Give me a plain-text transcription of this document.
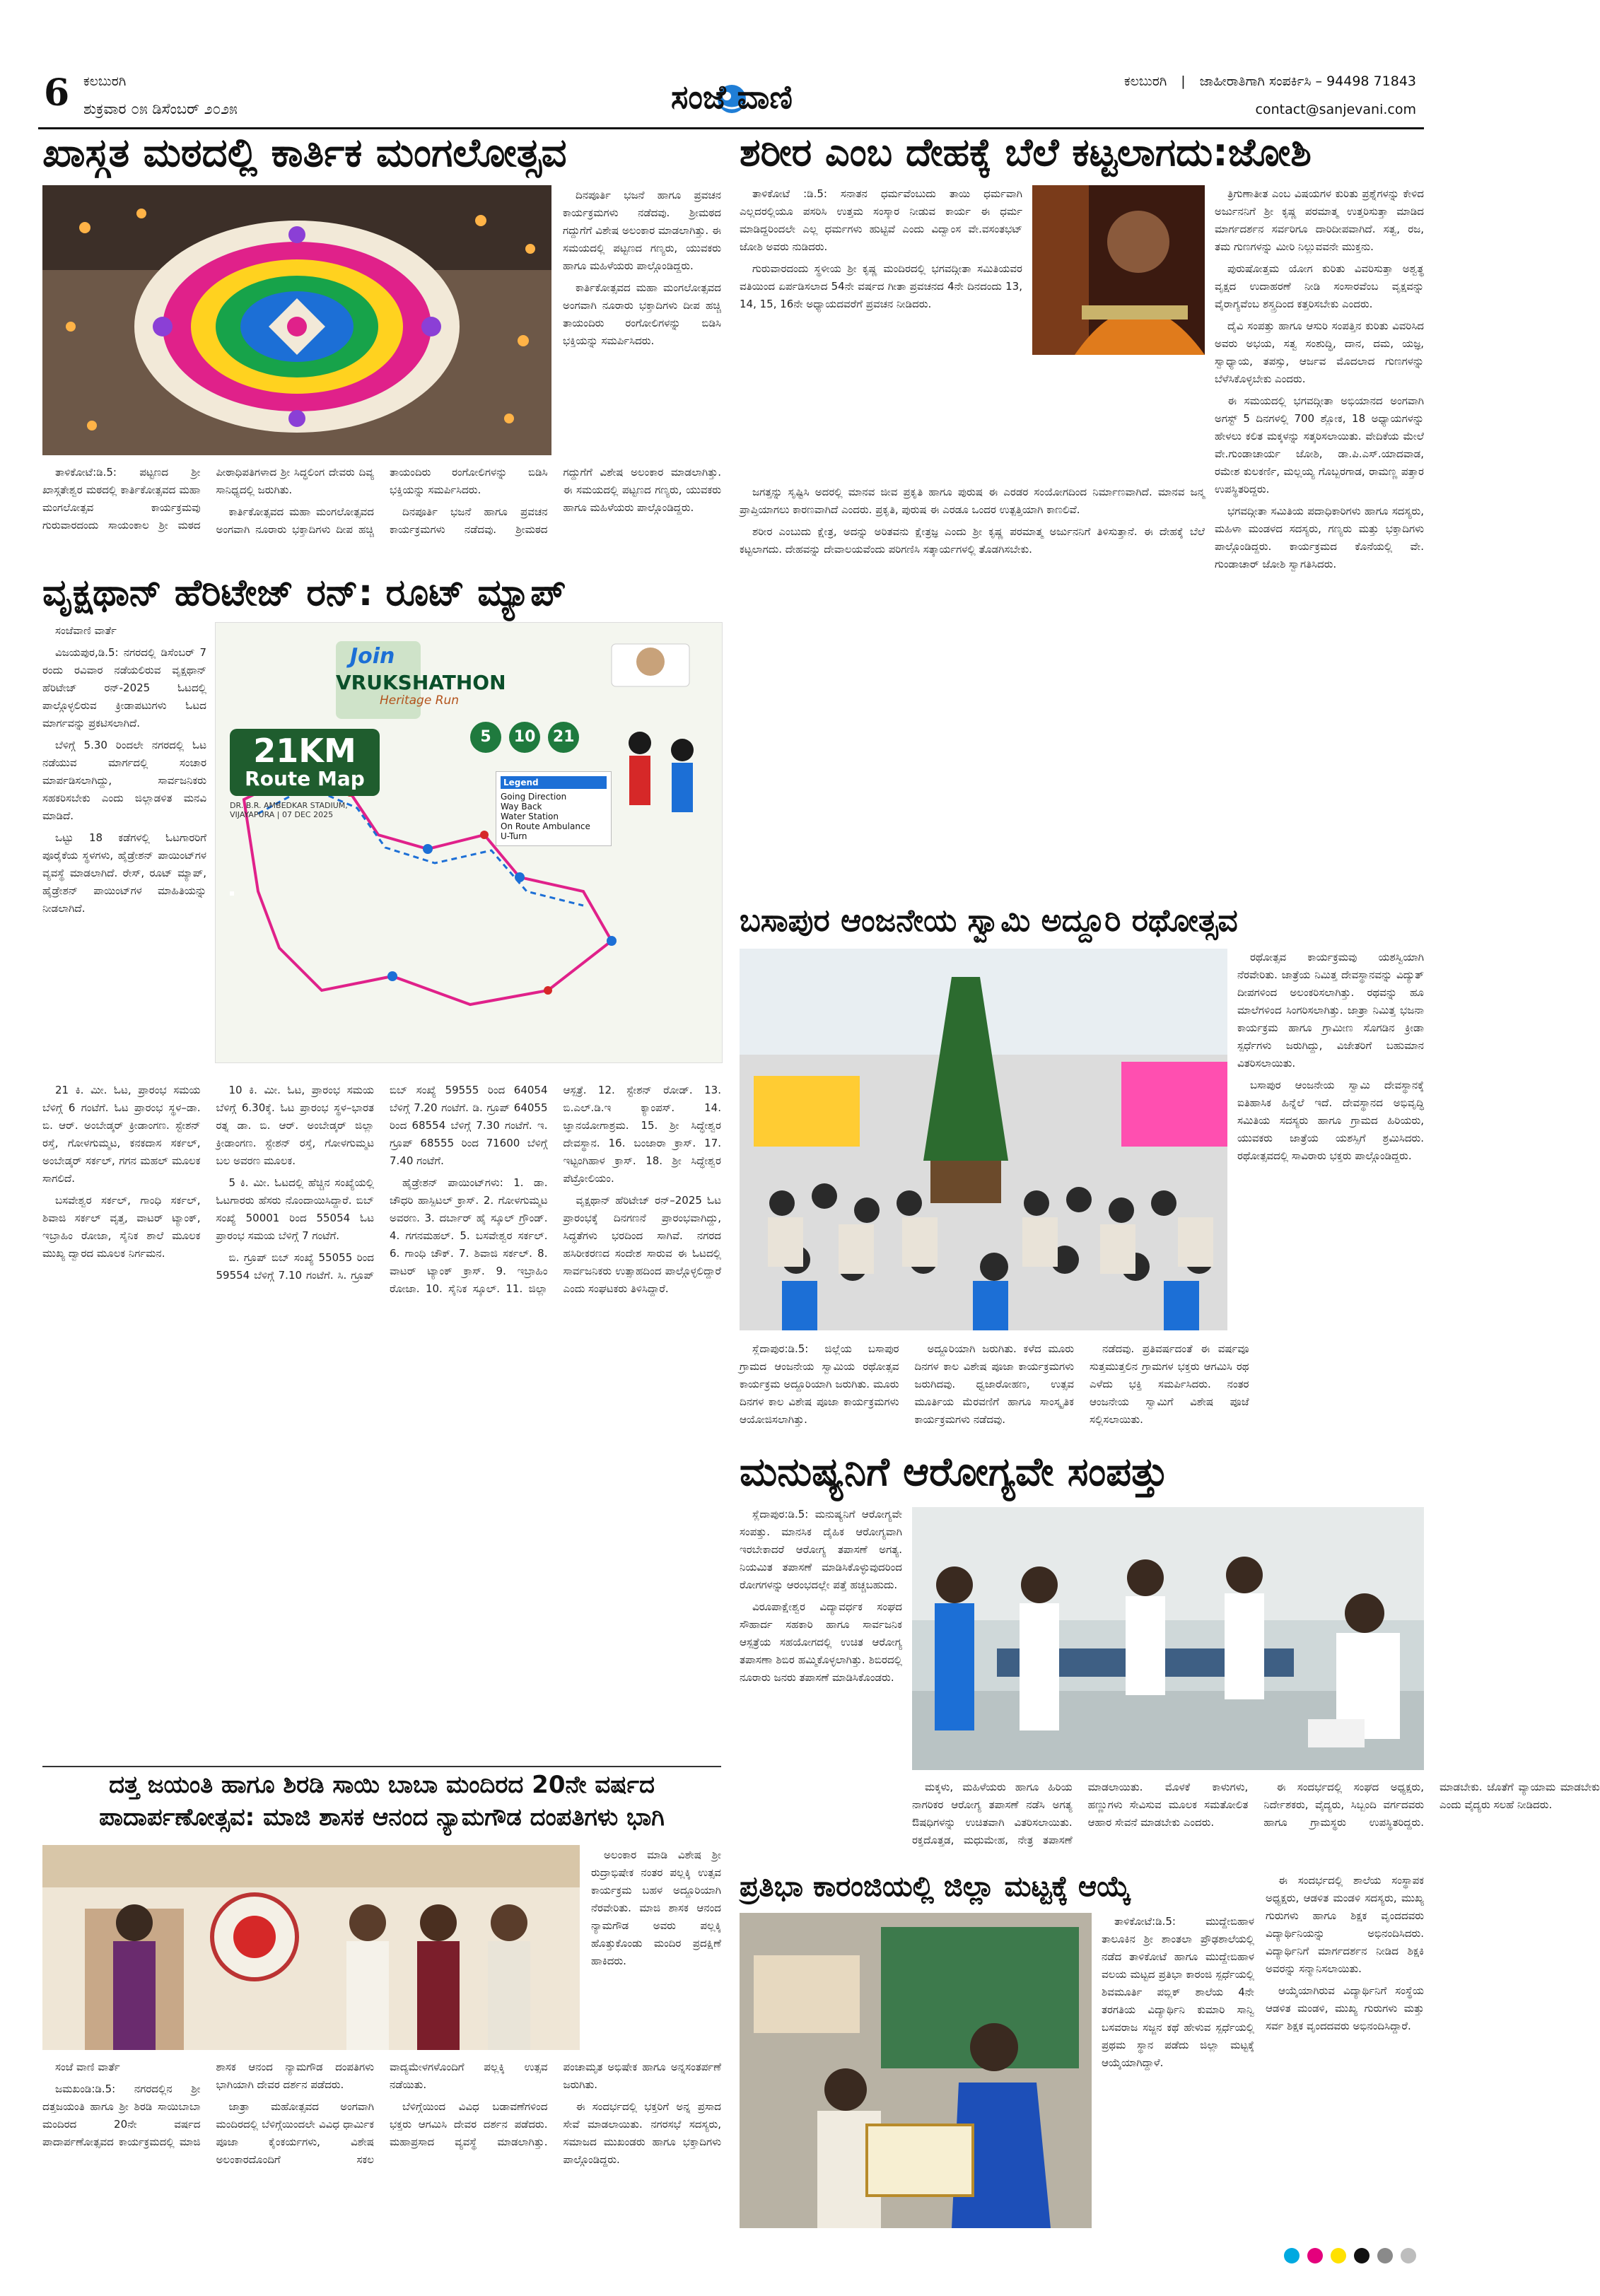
6 ಕಲಬುರಗಿ
ಶುಕ್ರವಾರ ೦೫ ಡಿಸೆಂಬರ್ ೨೦೨೫	ಸಂಜೆ ವಾಣಿ	ಕಲಬುರಗಿ | ಜಾಹೀರಾತಿಗಾಗಿ ಸಂಪರ್ಕಿಸಿ – 94498 71843
contact@sanjevani.com
ಖಾಸ್ಗತ ಮಠದಲ್ಲಿ ಕಾರ್ತಿಕ ಮಂಗಲೋತ್ಸವ

ದಿನಪೂರ್ತಿ ಭಜನೆ ಹಾಗೂ ಪ್ರವಚನ ಕಾರ್ಯಕ್ರಮಗಳು ನಡೆದವು. ಶ್ರೀಮಠದ ಗದ್ದುಗೆಗೆ ವಿಶೇಷ ಅಲಂಕಾರ ಮಾಡಲಾಗಿತ್ತು. ಈ ಸಮಯದಲ್ಲಿ ಪಟ್ಟಣದ ಗಣ್ಯರು, ಯುವಕರು ಹಾಗೂ ಮಹಿಳೆಯರು ಪಾಲ್ಗೊಂಡಿದ್ದರು.

ಕಾರ್ತಿಕೋತ್ಸವದ ಮಹಾ ಮಂಗಲೋತ್ಸವದ ಅಂಗವಾಗಿ ನೂರಾರು ಭಕ್ತಾದಿಗಳು ದೀಪ ಹಚ್ಚಿ ತಾಯಂದಿರು ರಂಗೋಲಿಗಳನ್ನು ಬಿಡಿಸಿ ಭಕ್ತಿಯನ್ನು ಸಮರ್ಪಿಸಿದರು.

ತಾಳಿಕೋಟೆ:ಡಿ.5: ಪಟ್ಟಣದ ಶ್ರೀ ಖಾಸ್ಗತೇಶ್ವರ ಮಠದಲ್ಲಿ ಕಾರ್ತಿಕೋತ್ಸವದ ಮಹಾ ಮಂಗಲೋತ್ಸವ ಕಾರ್ಯಕ್ರಮವು ಗುರುವಾರದಂದು ಸಾಯಂಕಾಲ ಶ್ರೀ ಮಠದ ಪೀಠಾಧಿಪತಿಗಳಾದ ಶ್ರೀ ಸಿದ್ಧಲಿಂಗ ದೇವರು ದಿವ್ಯ ಸಾನಿಧ್ಯದಲ್ಲಿ ಜರುಗಿತು.

ಕಾರ್ತಿಕೋತ್ಸವದ ಮಹಾ ಮಂಗಲೋತ್ಸವದ ಅಂಗವಾಗಿ ನೂರಾರು ಭಕ್ತಾದಿಗಳು ದೀಪ ಹಚ್ಚಿ ತಾಯಂದಿರು ರಂಗೋಲಿಗಳನ್ನು ಬಿಡಿಸಿ ಭಕ್ತಿಯನ್ನು ಸಮರ್ಪಿಸಿದರು.

ದಿನಪೂರ್ತಿ ಭಜನೆ ಹಾಗೂ ಪ್ರವಚನ ಕಾರ್ಯಕ್ರಮಗಳು ನಡೆದವು. ಶ್ರೀಮಠದ ಗದ್ದುಗೆಗೆ ವಿಶೇಷ ಅಲಂಕಾರ ಮಾಡಲಾಗಿತ್ತು. ಈ ಸಮಯದಲ್ಲಿ ಪಟ್ಟಣದ ಗಣ್ಯರು, ಯುವಕರು ಹಾಗೂ ಮಹಿಳೆಯರು ಪಾಲ್ಗೊಂಡಿದ್ದರು.

ವೃಕ್ಷಥಾನ್ ಹೆರಿಟೇಜ್ ರನ್: ರೂಟ್ ಮ್ಯಾಪ್

ಸಂಜೆವಾಣಿ ವಾರ್ತೆ

ವಿಜಯಪುರ,ಡಿ.5: ನಗರದಲ್ಲಿ ಡಿಸೆಂಬರ್ 7 ರಂದು ರವಿವಾರ ನಡೆಯಲಿರುವ ವೃಕ್ಷಥಾನ್ ಹೆರಿಟೇಜ್ ರನ್-2025 ಓಟದಲ್ಲಿ ಪಾಲ್ಗೊಳ್ಳಲಿರುವ ಕ್ರೀಡಾಪಟುಗಳು ಓಟದ ಮಾರ್ಗವನ್ನು ಪ್ರಕಟಿಸಲಾಗಿದೆ.

ಬೆಳಿಗ್ಗೆ 5.30 ರಿಂದಲೇ ನಗರದಲ್ಲಿ ಓಟ ನಡೆಯುವ ಮಾರ್ಗದಲ್ಲಿ ಸಂಚಾರ ಮಾರ್ಪಡಿಸಲಾಗಿದ್ದು, ಸಾರ್ವಜನಿಕರು ಸಹಕರಿಸಬೇಕು ಎಂದು ಜಿಲ್ಲಾಡಳಿತ ಮನವಿ ಮಾಡಿದೆ.

ಒಟ್ಟು 18 ಕಡೆಗಳಲ್ಲಿ ಓಟಗಾರರಿಗೆ ಪೂರೈಕೆಯ ಸ್ಥಳಗಳು, ಹೈಡ್ರೇಶನ್ ಪಾಯಿಂಟ್‌ಗಳ ವ್ಯವಸ್ಥೆ ಮಾಡಲಾಗಿದೆ. ರೇಸ್, ರೂಟ್ ಮ್ಯಾಪ್, ಹೈಡ್ರೇಶನ್ ಪಾಯಿಂಟ್‌ಗಳ ಮಾಹಿತಿಯನ್ನು ನೀಡಲಾಗಿದೆ.

Join
VRUKSHATHON
Heritage Run
5 10 21
21KM
Route Map
DR. B.R. AMBEDKAR STADIUM, VIJAYAPURA | 07 DEC 2025
Legend
Going Direction
Way Back
Water Station
On Route Ambulance
U-Turn

21 ಕಿ. ಮೀ. ಓಟ, ಪ್ರಾರಂಭ ಸಮಯ ಬೆಳಿಗ್ಗೆ 6 ಗಂಟೆಗೆ. ಓಟ ಪ್ರಾರಂಭ ಸ್ಥಳ–ಡಾ. ಬಿ. ಆರ್. ಅಂಬೇಡ್ಕರ್ ಕ್ರೀಡಾಂಗಣ. ಸ್ಟೇಶನ್ ರಸ್ತೆ, ಗೋಳಗುಮ್ಮಟ, ಕನಕದಾಸ ಸರ್ಕಲ್, ಅಂಬೇಡ್ಕರ್ ಸರ್ಕಲ್, ಗಗನ ಮಹಲ್ ಮೂಲಕ ಸಾಗಲಿದೆ.

ಬಸವೇಶ್ವರ ಸರ್ಕಲ್, ಗಾಂಧಿ ಸರ್ಕಲ್, ಶಿವಾಜಿ ಸರ್ಕಲ್ ವೃತ್ತ, ವಾಟರ್ ಟ್ಯಾಂಕ್, ಇಬ್ರಾಹಿಂ ರೋಜಾ, ಸೈನಿಕ ಶಾಲೆ ಮೂಲಕ ಮುಖ್ಯ ದ್ವಾರದ ಮೂಲಕ ನಿರ್ಗಮನ.

10 ಕಿ. ಮೀ. ಓಟ, ಪ್ರಾರಂಭ ಸಮಯ ಬೆಳಿಗ್ಗೆ 6.30ಕ್ಕೆ. ಓಟ ಪ್ರಾರಂಭ ಸ್ಥಳ–ಭಾರತ ರತ್ನ ಡಾ. ಬಿ. ಆರ್. ಅಂಬೇಡ್ಕರ್ ಜಿಲ್ಲಾ ಕ್ರೀಡಾಂಗಣ. ಸ್ಟೇಶನ್ ರಸ್ತೆ, ಗೋಳಗುಮ್ಮಟ ಬಲ ಅವರಣ ಮೂಲಕ.

5 ಕಿ. ಮೀ. ಓಟದಲ್ಲಿ ಹೆಚ್ಚಿನ ಸಂಖ್ಯೆಯಲ್ಲಿ ಓಟಗಾರರು ಹೆಸರು ನೊಂದಾಯಿಸಿದ್ದಾರೆ. ಬಿಬ್ ಸಂಖ್ಯೆ 50001 ರಿಂದ 55054 ಓಟ ಪ್ರಾರಂಭ ಸಮಯ ಬೆಳಿಗ್ಗೆ 7 ಗಂಟೆಗೆ.

ಬಿ. ಗ್ರೂಪ್ ಬಿಬ್ ಸಂಖ್ಯೆ 55055 ರಿಂದ 59554 ಬೆಳಿಗ್ಗೆ 7.10 ಗಂಟೆಗೆ. ಸಿ. ಗ್ರೂಪ್ ಬಿಬ್ ಸಂಖ್ಯೆ 59555 ರಿಂದ 64054 ಬೆಳಿಗ್ಗೆ 7.20 ಗಂಟೆಗೆ. ಡಿ. ಗ್ರೂಪ್ 64055 ರಿಂದ 68554 ಬೆಳಿಗ್ಗೆ 7.30 ಗಂಟೆಗೆ. ಇ. ಗ್ರೂಪ್ 68555 ರಿಂದ 71600 ಬೆಳಿಗ್ಗೆ 7.40 ಗಂಟೆಗೆ.

ಹೈಡ್ರೇಶನ್ ಪಾಯಿಂಟ್‌ಗಳು: 1. ಡಾ. ಚೌಧರಿ ಹಾಸ್ಪಿಟಲ್ ಕ್ರಾಸ್. 2. ಗೋಳಗುಮ್ಮಟ ಅವರಣ. 3. ದರ್ಬಾರ್ ಹೈ ಸ್ಕೂಲ್ ಗ್ರೌಂಡ್. 4. ಗಗನಮಹಲ್. 5. ಬಸವೇಶ್ವರ ಸರ್ಕಲ್. 6. ಗಾಂಧಿ ಚೌಕ್. 7. ಶಿವಾಜಿ ಸರ್ಕಲ್. 8. ವಾಟರ್ ಟ್ಯಾಂಕ್ ಕ್ರಾಸ್. 9. ಇಬ್ರಾಹಿಂ ರೋಜಾ. 10. ಸೈನಿಕ ಸ್ಕೂಲ್. 11. ಜಿಲ್ಲಾ ಆಸ್ಪತ್ರೆ. 12. ಸ್ಟೇಶನ್ ರೋಡ್. 13. ಬಿ.ಎಲ್.ಡಿ.ಇ ಕ್ಯಾಂಪಸ್. 14. ಜ್ಞಾನಯೋಗಾಶ್ರಮ. 15. ಶ್ರೀ ಸಿದ್ಧೇಶ್ವರ ದೇವಸ್ಥಾನ. 16. ಬಂಜಾರಾ ಕ್ರಾಸ್. 17. ಇಟ್ಟಂಗಿಹಾಳ ಕ್ರಾಸ್. 18. ಶ್ರೀ ಸಿದ್ಧೇಶ್ವರ ಪೆಟ್ರೋಲಿಯಂ.

ವೃಕ್ಷಥಾನ್ ಹೆರಿಟೇಜ್ ರನ್–2025 ಓಟ ಪ್ರಾರಂಭಕ್ಕೆ ದಿನಗಣನೆ ಪ್ರಾರಂಭವಾಗಿದ್ದು, ಸಿದ್ಧತೆಗಳು ಭರದಿಂದ ಸಾಗಿವೆ. ನಗರದ ಹಸಿರೀಕರಣದ ಸಂದೇಶ ಸಾರುವ ಈ ಓಟದಲ್ಲಿ ಸಾರ್ವಜನಿಕರು ಉತ್ಸಾಹದಿಂದ ಪಾಲ್ಗೊಳ್ಳಲಿದ್ದಾರೆ ಎಂದು ಸಂಘಟಕರು ತಿಳಿಸಿದ್ದಾರೆ.

ದತ್ತ ಜಯಂತಿ ಹಾಗೂ ಶಿರಡಿ ಸಾಯಿ ಬಾಬಾ ಮಂದಿರದ 20ನೇ ವರ್ಷದ
ಪಾದಾರ್ಪಣೋತ್ಸವ: ಮಾಜಿ ಶಾಸಕ ಆನಂದ ನ್ಯಾಮಗೌಡ ದಂಪತಿಗಳು ಭಾಗಿ

ಅಲಂಕಾರ ಮಾಡಿ ವಿಶೇಷ ಶ್ರೀ ರುದ್ರಾಭಿಷೇಕ ನಂತರ ಪಲ್ಲಕ್ಕಿ ಉತ್ಸವ ಕಾರ್ಯಕ್ರಮ ಬಹಳ ಅದ್ದೂರಿಯಾಗಿ ನೆರವೇರಿತು. ಮಾಜಿ ಶಾಸಕ ಆನಂದ ನ್ಯಾಮಗೌಡ ಅವರು ಪಲ್ಲಕ್ಕಿ ಹೊತ್ತುಕೊಂಡು ಮಂದಿರ ಪ್ರದಕ್ಷಿಣೆ ಹಾಕಿದರು.

ಸಂಜೆ ವಾಣಿ ವಾರ್ತೆ

ಜಮಖಂಡಿ:ಡಿ.5: ನಗರದಲ್ಲಿನ ಶ್ರೀ ದತ್ತಜಯಂತಿ ಹಾಗೂ ಶ್ರೀ ಶಿರಡಿ ಸಾಯಿಬಾಬಾ ಮಂದಿರದ 20ನೇ ವರ್ಷದ ಪಾದಾರ್ಪಣೋತ್ಸವದ ಕಾರ್ಯಕ್ರಮದಲ್ಲಿ ಮಾಜಿ ಶಾಸಕ ಆನಂದ ನ್ಯಾಮಗೌಡ ದಂಪತಿಗಳು ಭಾಗಿಯಾಗಿ ದೇವರ ದರ್ಶನ ಪಡೆದರು.

ಜಾತ್ರಾ ಮಹೋತ್ಸವದ ಅಂಗವಾಗಿ ಮಂದಿರದಲ್ಲಿ ಬೆಳಿಗ್ಗೆಯಿಂದಲೇ ವಿವಿಧ ಧಾರ್ಮಿಕ ಪೂಜಾ ಕೈಂಕರ್ಯಗಳು, ವಿಶೇಷ ಅಲಂಕಾರದೊಂದಿಗೆ ಸಕಲ ವಾದ್ಯಮೇಳಗಳೊಂದಿಗೆ ಪಲ್ಲಕ್ಕಿ ಉತ್ಸವ ನಡೆಯಿತು.

ಬೆಳಿಗ್ಗೆಯಿಂದ ವಿವಿಧ ಬಡಾವಣೆಗಳಿಂದ ಭಕ್ತರು ಆಗಮಿಸಿ ದೇವರ ದರ್ಶನ ಪಡೆದರು. ಮಹಾಪ್ರಸಾದ ವ್ಯವಸ್ಥೆ ಮಾಡಲಾಗಿತ್ತು. ಪಂಚಾಮೃತ ಅಭಿಷೇಕ ಹಾಗೂ ಅನ್ನಸಂತರ್ಪಣೆ ಜರುಗಿತು.

ಈ ಸಂದರ್ಭದಲ್ಲಿ ಭಕ್ತರಿಗೆ ಅನ್ನ ಪ್ರಸಾದ ಸೇವೆ ಮಾಡಲಾಯಿತು. ನಗರಸಭೆ ಸದಸ್ಯರು, ಸಮಾಜದ ಮುಖಂಡರು ಹಾಗೂ ಭಕ್ತಾದಿಗಳು ಪಾಲ್ಗೊಂಡಿದ್ದರು.

ಶರೀರ ಎಂಬ ದೇಹಕ್ಕೆ ಬೆಲೆ ಕಟ್ಟಲಾಗದು:ಜೋಶಿ

ತಾಳಿಕೋಟೆ :ಡಿ.5: ಸನಾತನ ಧರ್ಮವೆಂಬುದು ತಾಯಿ ಧರ್ಮವಾಗಿ ಎಲ್ಲದರಲ್ಲಿಯೂ ಪಸರಿಸಿ ಉತ್ತಮ ಸಂಸ್ಕಾರ ನೀಡುವ ಕಾರ್ಯ ಈ ಧರ್ಮ ಮಾಡಿದ್ದರಿಂದಲೇ ಎಲ್ಲ ಧರ್ಮಗಳು ಹುಟ್ಟಿವೆ ಎಂದು ವಿದ್ವಾಂಸ ವೇ.ವಸಂತಭಟ್ ಜೋಶಿ ಅವರು ನುಡಿದರು.

ಗುರುವಾರದಂದು ಸ್ಥಳೀಯ ಶ್ರೀ ಕೃಷ್ಣ ಮಂದಿರದಲ್ಲಿ ಭಗವದ್ಗೀತಾ ಸಮಿತಿಯವರ ವತಿಯಿಂದ ಏರ್ಪಡಿಸಲಾದ 54ನೇ ವರ್ಷದ ಗೀತಾ ಪ್ರವಚನದ 4ನೇ ದಿನದಂದು 13, 14, 15, 16ನೇ ಅಧ್ಯಾಯದವರೆಗೆ ಪ್ರವಚನ ನೀಡಿದರು.

ತ್ರಿಗುಣಾತೀತ ಎಂಬ ವಿಷಯಗಳ ಕುರಿತು ಪ್ರಶ್ನೆಗಳನ್ನು ಕೇಳಿದ ಅರ್ಜುನನಿಗೆ ಶ್ರೀ ಕೃಷ್ಣ ಪರಮಾತ್ಮ ಉತ್ತರಿಸುತ್ತಾ ಮಾಡಿದ ಮಾರ್ಗದರ್ಶನ ಸರ್ವರಿಗೂ ದಾರಿದೀಪವಾಗಿದೆ. ಸತ್ವ, ರಜ, ತಮ ಗುಣಗಳನ್ನು ಮೀರಿ ನಿಲ್ಲುವವನೇ ಮುಕ್ತನು.

ಪುರುಷೋತ್ತಮ ಯೋಗ ಕುರಿತು ವಿವರಿಸುತ್ತಾ ಅಶ್ವತ್ಥ ವೃಕ್ಷದ ಉದಾಹರಣೆ ನೀಡಿ ಸಂಸಾರವೆಂಬ ವೃಕ್ಷವನ್ನು ವೈರಾಗ್ಯವೆಂಬ ಶಸ್ತ್ರದಿಂದ ಕತ್ತರಿಸಬೇಕು ಎಂದರು.

ದೈವಿ ಸಂಪತ್ತು ಹಾಗೂ ಆಸುರಿ ಸಂಪತ್ತಿನ ಕುರಿತು ವಿವರಿಸಿದ ಅವರು ಅಭಯ, ಸತ್ವ ಸಂಶುದ್ಧಿ, ದಾನ, ದಮ, ಯಜ್ಞ, ಸ್ವಾಧ್ಯಾಯ, ತಪಸ್ಸು, ಆರ್ಜವ ಮೊದಲಾದ ಗುಣಗಳನ್ನು ಬೆಳೆಸಿಕೊಳ್ಳಬೇಕು ಎಂದರು.

ಈ ಸಮಯದಲ್ಲಿ ಭಗವದ್ಗೀತಾ ಅಭಿಯಾನದ ಅಂಗವಾಗಿ ಅಗಸ್ಟ್ 5 ದಿನಗಳಲ್ಲಿ 700 ಶ್ಲೋಕ, 18 ಅಧ್ಯಾಯಗಳನ್ನು ಹೇಳಲು ಕಲಿತ ಮಕ್ಕಳನ್ನು ಸತ್ಕರಿಸಲಾಯಿತು. ವೇದಿಕೆಯ ಮೇಲೆ ವೇ.ಗುಂಡಾಚಾರ್ಯ ಜೋಶಿ, ಡಾ.ಪಿ.ಎಸ್.ಯಾದವಾಡ, ರಮೇಶ ಕುಲಕರ್ಣಿ, ಮಲ್ಲಯ್ಯ ಗೊಬ್ಬರಗಾಡ, ರಾಮಣ್ಣ ಪತ್ತಾರ ಉಪಸ್ಥಿತರಿದ್ದರು.

ಭಗವದ್ಗೀತಾ ಸಮಿತಿಯ ಪದಾಧಿಕಾರಿಗಳು ಹಾಗೂ ಸದಸ್ಯರು, ಮಹಿಳಾ ಮಂಡಳದ ಸದಸ್ಯರು, ಗಣ್ಯರು ಮತ್ತು ಭಕ್ತಾದಿಗಳು ಪಾಲ್ಗೊಂಡಿದ್ದರು. ಕಾರ್ಯಕ್ರಮದ ಕೊನೆಯಲ್ಲಿ ವೇ. ಗುಂಡಾಚಾರ್ ಜೋಶಿ ಸ್ವಾಗತಿಸಿದರು.

ಜಗತ್ತನ್ನು ಸೃಷ್ಟಿಸಿ ಅದರಲ್ಲಿ ಮಾನವ ಜೀವ ಪ್ರಕೃತಿ ಹಾಗೂ ಪುರುಷ ಈ ಎರಡರ ಸಂಯೋಗದಿಂದ ನಿರ್ಮಾಣವಾಗಿದೆ. ಮಾನವ ಜನ್ಮ ಪ್ರಾಪ್ತಿಯಾಗಲು ಕಾರಣವಾಗಿದೆ ಎಂದರು. ಪ್ರಕೃತಿ, ಪುರುಷ ಈ ಎರಡೂ ಒಂದರ ಉತ್ಪತ್ತಿಯಾಗಿ ಕಾಣಲಿವೆ.

ಶರೀರ ಎಂಬುದು ಕ್ಷೇತ್ರ, ಅದನ್ನು ಅರಿತವನು ಕ್ಷೇತ್ರಜ್ಞ ಎಂದು ಶ್ರೀ ಕೃಷ್ಣ ಪರಮಾತ್ಮ ಅರ್ಜುನನಿಗೆ ತಿಳಿಸುತ್ತಾನೆ. ಈ ದೇಹಕ್ಕೆ ಬೆಲೆ ಕಟ್ಟಲಾಗದು. ದೇಹವನ್ನು ದೇವಾಲಯವೆಂದು ಪರಿಗಣಿಸಿ ಸತ್ಕಾರ್ಯಗಳಲ್ಲಿ ತೊಡಗಿಸಬೇಕು.

ಬಸಾಪುರ ಆಂಜನೇಯ ಸ್ವಾಮಿ ಅದ್ದೂರಿ ರಥೋತ್ಸವ

ರಥೋತ್ಸವ ಕಾರ್ಯಕ್ರಮವು ಯಶಸ್ವಿಯಾಗಿ ನೆರವೇರಿತು. ಜಾತ್ರೆಯ ನಿಮಿತ್ತ ದೇವಸ್ಥಾನವನ್ನು ವಿದ್ಯುತ್ ದೀಪಗಳಿಂದ ಅಲಂಕರಿಸಲಾಗಿತ್ತು. ರಥವನ್ನು ಹೂ ಮಾಲೆಗಳಿಂದ ಸಿಂಗರಿಸಲಾಗಿತ್ತು. ಜಾತ್ರಾ ನಿಮಿತ್ತ ಭಜನಾ ಕಾರ್ಯಕ್ರಮ ಹಾಗೂ ಗ್ರಾಮೀಣ ಸೊಗಡಿನ ಕ್ರೀಡಾ ಸ್ಪರ್ಧೆಗಳು ಜರುಗಿದ್ದು, ವಿಜೇತರಿಗೆ ಬಹುಮಾನ ವಿತರಿಸಲಾಯಿತು.

ಬಸಾಪುರ ಆಂಜನೇಯ ಸ್ವಾಮಿ ದೇವಸ್ಥಾನಕ್ಕೆ ಐತಿಹಾಸಿಕ ಹಿನ್ನೆಲೆ ಇದೆ. ದೇವಸ್ಥಾನದ ಅಭಿವೃದ್ಧಿ ಸಮಿತಿಯ ಸದಸ್ಯರು ಹಾಗೂ ಗ್ರಾಮದ ಹಿರಿಯರು, ಯುವಕರು ಜಾತ್ರೆಯ ಯಶಸ್ಸಿಗೆ ಶ್ರಮಿಸಿದರು. ರಥೋತ್ಸವದಲ್ಲಿ ಸಾವಿರಾರು ಭಕ್ತರು ಪಾಲ್ಗೊಂಡಿದ್ದರು.

ಸ್ಲೆದಾಪುರ:ಡಿ.5: ಜಿಲ್ಲೆಯ ಬಸಾಪುರ ಗ್ರಾಮದ ಆಂಜನೇಯ ಸ್ವಾಮಿಯ ರಥೋತ್ಸವ ಕಾರ್ಯಕ್ರಮ ಅದ್ದೂರಿಯಾಗಿ ಜರುಗಿತು. ಮೂರು ದಿನಗಳ ಕಾಲ ವಿಶೇಷ ಪೂಜಾ ಕಾರ್ಯಕ್ರಮಗಳು ಆಯೋಜಿಸಲಾಗಿತ್ತು.

ಅದ್ದೂರಿಯಾಗಿ ಜರುಗಿತು. ಕಳೆದ ಮೂರು ದಿನಗಳ ಕಾಲ ವಿಶೇಷ ಪೂಜಾ ಕಾರ್ಯಕ್ರಮಗಳು ಜರುಗಿದವು. ಧ್ವಜಾರೋಹಣ, ಉತ್ಸವ ಮೂರ್ತಿಯ ಮೆರವಣಿಗೆ ಹಾಗೂ ಸಾಂಸ್ಕೃತಿಕ ಕಾರ್ಯಕ್ರಮಗಳು ನಡೆದವು.

ನಡೆದವು. ಪ್ರತಿವರ್ಷದಂತೆ ಈ ವರ್ಷವೂ ಸುತ್ತಮುತ್ತಲಿನ ಗ್ರಾಮಗಳ ಭಕ್ತರು ಆಗಮಿಸಿ ರಥ ಎಳೆದು ಭಕ್ತಿ ಸಮರ್ಪಿಸಿದರು. ನಂತರ ಆಂಜನೇಯ ಸ್ವಾಮಿಗೆ ವಿಶೇಷ ಪೂಜೆ ಸಲ್ಲಿಸಲಾಯಿತು.

ಮನುಷ್ಯನಿಗೆ ಆರೋಗ್ಯವೇ ಸಂಪತ್ತು

ಸ್ಲೆದಾಪುರ:ಡಿ.5: ಮನುಷ್ಯನಿಗೆ ಆರೋಗ್ಯವೇ ಸಂಪತ್ತು. ಮಾನಸಿಕ ದೈಹಿಕ ಆರೋಗ್ಯವಾಗಿ ಇರಬೇಕಾದರೆ ಆರೋಗ್ಯ ತಪಾಸಣೆ ಅಗತ್ಯ. ನಿಯಮಿತ ತಪಾಸಣೆ ಮಾಡಿಸಿಕೊಳ್ಳುವುದರಿಂದ ರೋಗಗಳನ್ನು ಆರಂಭದಲ್ಲೇ ಪತ್ತೆ ಹಚ್ಚಬಹುದು.

ವಿರೂಪಾಕ್ಷೇಶ್ವರ ವಿದ್ಯಾವರ್ಧಕ ಸಂಘದ ಸೌಹಾರ್ದ ಸಹಕಾರಿ ಹಾಗೂ ಸಾರ್ವಜನಿಕ ಆಸ್ಪತ್ರೆಯ ಸಹಯೋಗದಲ್ಲಿ ಉಚಿತ ಆರೋಗ್ಯ ತಪಾಸಣಾ ಶಿಬಿರ ಹಮ್ಮಿಕೊಳ್ಳಲಾಗಿತ್ತು. ಶಿಬಿರದಲ್ಲಿ ನೂರಾರು ಜನರು ತಪಾಸಣೆ ಮಾಡಿಸಿಕೊಂಡರು.

ಮಕ್ಕಳು, ಮಹಿಳೆಯರು ಹಾಗೂ ಹಿರಿಯ ನಾಗರಿಕರ ಆರೋಗ್ಯ ತಪಾಸಣೆ ನಡೆಸಿ ಅಗತ್ಯ ಔಷಧಿಗಳನ್ನು ಉಚಿತವಾಗಿ ವಿತರಿಸಲಾಯಿತು. ರಕ್ತದೊತ್ತಡ, ಮಧುಮೇಹ, ನೇತ್ರ ತಪಾಸಣೆ ಮಾಡಲಾಯಿತು. ಮೊಳಕೆ ಕಾಳುಗಳು, ಹಣ್ಣುಗಳು ಸೇವಿಸುವ ಮೂಲಕ ಸಮತೋಲಿತ ಆಹಾರ ಸೇವನೆ ಮಾಡಬೇಕು ಎಂದರು.

ಈ ಸಂದರ್ಭದಲ್ಲಿ ಸಂಘದ ಅಧ್ಯಕ್ಷರು, ನಿರ್ದೇಶಕರು, ವೈದ್ಯರು, ಸಿಬ್ಬಂದಿ ವರ್ಗದವರು ಹಾಗೂ ಗ್ರಾಮಸ್ಥರು ಉಪಸ್ಥಿತರಿದ್ದರು. ಮಾಡಬೇಕು. ಜೊತೆಗೆ ವ್ಯಾಯಾಮ ಮಾಡಬೇಕು ಎಂದು ವೈದ್ಯರು ಸಲಹೆ ನೀಡಿದರು.

ಪ್ರತಿಭಾ ಕಾರಂಜಿಯಲ್ಲಿ ಜಿಲ್ಲಾ ಮಟ್ಟಕ್ಕೆ ಆಯ್ಕೆ

ತಾಳಿಕೋಟೆ:ಡಿ.5: ಮುದ್ದೇಬಿಹಾಳ ತಾಲೂಕಿನ ಶ್ರೀ ಶಾಂತಲಾ ಪ್ರೌಢಶಾಲೆಯಲ್ಲಿ ನಡೆದ ತಾಳಿಕೋಟೆ ಹಾಗೂ ಮುದ್ದೇಬಿಹಾಳ ವಲಯ ಮಟ್ಟದ ಪ್ರತಿಭಾ ಕಾರಂಜಿ ಸ್ಪರ್ಧೆಯಲ್ಲಿ ಶಿವಮೂರ್ತಿ ಪಬ್ಲಿಕ್ ಶಾಲೆಯ 4ನೇ ತರಗತಿಯ ವಿದ್ಯಾರ್ಥಿನಿ ಕುಮಾರಿ ಸಾನ್ವಿ ಬಸವರಾಜ ಸಜ್ಜನ ಕಥೆ ಹೇಳುವ ಸ್ಪರ್ಧೆಯಲ್ಲಿ ಪ್ರಥಮ ಸ್ಥಾನ ಪಡೆದು ಜಿಲ್ಲಾ ಮಟ್ಟಕ್ಕೆ ಆಯ್ಕೆಯಾಗಿದ್ದಾಳೆ.

ಈ ಸಂದರ್ಭದಲ್ಲಿ ಶಾಲೆಯ ಸಂಸ್ಥಾಪಕ ಅಧ್ಯಕ್ಷರು, ಆಡಳಿತ ಮಂಡಳಿ ಸದಸ್ಯರು, ಮುಖ್ಯ ಗುರುಗಳು ಹಾಗೂ ಶಿಕ್ಷಕ ವೃಂದದವರು ವಿದ್ಯಾರ್ಥಿನಿಯನ್ನು ಅಭಿನಂದಿಸಿದರು. ವಿದ್ಯಾರ್ಥಿನಿಗೆ ಮಾರ್ಗದರ್ಶನ ನೀಡಿದ ಶಿಕ್ಷಕಿ ಅವರನ್ನು ಸನ್ಮಾನಿಸಲಾಯಿತು.

ಆಯ್ಕೆಯಾಗಿರುವ ವಿದ್ಯಾರ್ಥಿನಿಗೆ ಸಂಸ್ಥೆಯ ಆಡಳಿತ ಮಂಡಳಿ, ಮುಖ್ಯ ಗುರುಗಳು ಮತ್ತು ಸರ್ವ ಶಿಕ್ಷಕ ವೃಂದದವರು ಅಭಿನಂದಿಸಿದ್ದಾರೆ.
